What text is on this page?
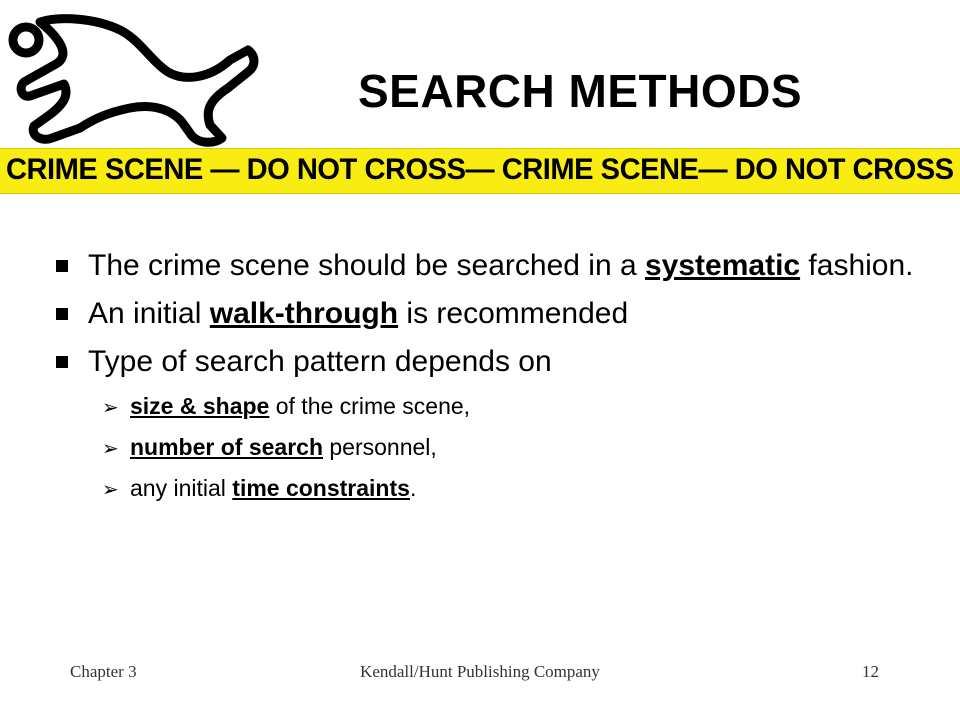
SEARCH METHODS
CRIME SCENE — DO NOT CROSS— CRIME SCENE— DO NOT CROSS
The crime scene should be searched in a systematic fashion.
An initial walk-through is recommended
Type of search pattern depends on
➢ size & shape of the crime scene,
➢ number of search personnel,
➢ any initial time constraints.
Chapter 3	Kendall/Hunt Publishing Company	12
